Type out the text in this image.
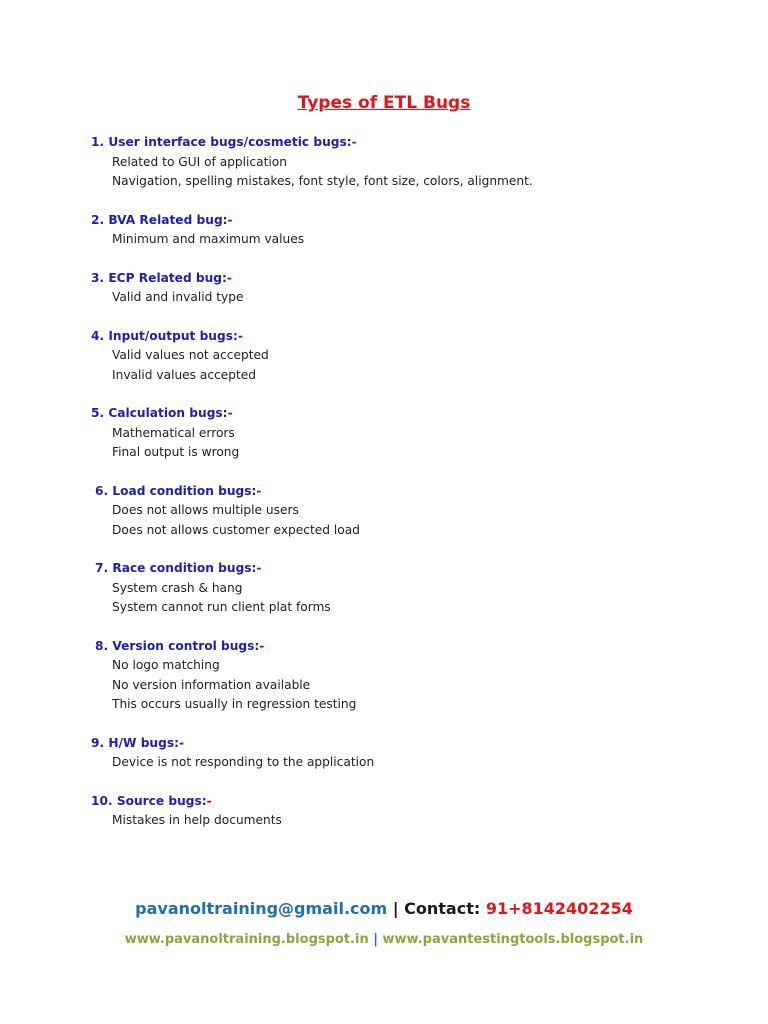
Types of ETL Bugs
1. User interface bugs/cosmetic bugs:-
Related to GUI of application
Navigation, spelling mistakes, font style, font size, colors, alignment.
2. BVA Related bug:-
Minimum and maximum values
3. ECP Related bug:-
Valid and invalid type
4. Input/output bugs:-
Valid values not accepted
Invalid values accepted
5. Calculation bugs:-
Mathematical errors
Final output is wrong
6. Load condition bugs:-
Does not allows multiple users
Does not allows customer expected load
7. Race condition bugs:-
System crash & hang
System cannot run client plat forms
8. Version control bugs:-
No logo matching
No version information available
This occurs usually in regression testing
9. H/W bugs:-
Device is not responding to the application
10. Source bugs:-
Mistakes in help documents
pavanoltraining@gmail.com | Contact: 91+8142402254
www.pavanoltraining.blogspot.in | www.pavantestingtools.blogspot.in
